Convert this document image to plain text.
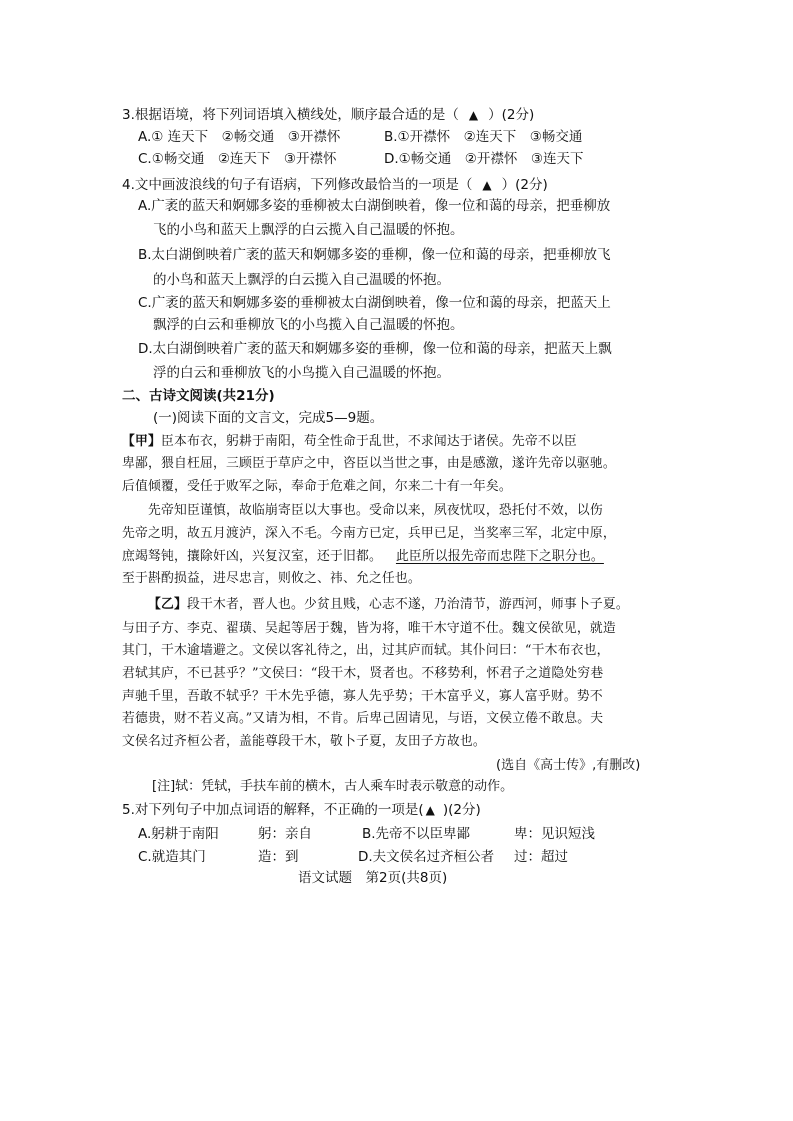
3.根据语境，将下列词语填入横线处，顺序最合适的是（ ▲ ）(2分)
A.① 连天下　②畅交通　③开襟怀	B.①开襟怀　②连天下　③畅交通
C.①畅交通　②连天下　③开襟怀	D.①畅交通　②开襟怀　③连天下
4.文中画波浪线的句子有语病，下列修改最恰当的一项是（ ▲ ）(2分)
A.广袤的蓝天和婀娜多姿的垂柳被太白湖倒映着，像一位和蔼的母亲，把垂柳放
飞的小鸟和蓝天上飘浮的白云揽入自己温暖的怀抱。
B.太白湖倒映着广袤的蓝天和婀娜多姿的垂柳，像一位和蔼的母亲，把垂柳放飞
的小鸟和蓝天上飘浮的白云揽入自己温暖的怀抱。
C.广袤的蓝天和婀娜多姿的垂柳被太白湖倒映着，像一位和蔼的母亲，把蓝天上
飘浮的白云和垂柳放飞的小鸟揽入自己温暖的怀抱。
D.太白湖倒映着广袤的蓝天和婀娜多姿的垂柳，像一位和蔼的母亲，把蓝天上飘
浮的白云和垂柳放飞的小鸟揽入自己温暖的怀抱。
二、古诗文阅读(共21分)
(一)阅读下面的文言文，完成5—9题。
【甲】臣本布衣，躬耕于南阳，苟全性命于乱世，不求闻达于诸侯。先帝不以臣
卑鄙，猥自枉屈，三顾臣于草庐之中，咨臣以当世之事，由是感激，遂许先帝以驱驰。
后值倾覆，受任于败军之际，奉命于危难之间，尔来二十有一年矣。
先帝知臣谨慎，故临崩寄臣以大事也。受命以来，夙夜忧叹，恐托付不效，以伤
先帝之明，故五月渡泸，深入不毛。今南方已定，兵甲已足，当奖率三军，北定中原，
庶竭驽钝，攘除奸凶，兴复汉室，还于旧都。 此臣所以报先帝而忠陛下之职分也。
至于斟酌损益，进尽忠言，则攸之、祎、允之任也。
【乙】段干木者，晋人也。少贫且贱，心志不遂，乃治清节，游西河，师事卜子夏。
与田子方、李克、翟璜、吴起等居于魏，皆为将，唯干木守道不仕。魏文侯欲见，就造
其门，干木逾墙避之。文侯以客礼待之，出，过其庐而轼。其仆问曰：“干木布衣也，
君轼其庐，不已甚乎？”文侯曰：“段干木，贤者也。不移势利，怀君子之道隐处穷巷
声驰千里，吾敢不轼乎？干木先乎德，寡人先乎势；干木富乎义，寡人富乎财。势不
若德贵，财不若义高。”又请为相，不肯。后卑己固请见，与语，文侯立倦不敢息。夫
文侯名过齐桓公者，盖能尊段干木，敬卜子夏，友田子方故也。
(选自《高士传》,有删改)
[注]轼：凭轼，手扶车前的横木，古人乘车时表示敬意的动作。
5.对下列句子中加点词语的解释，不正确的一项是( ▲ )(2分)
A.躬耕于南阳	躬：亲自	B.先帝不以臣卑鄙	卑：见识短浅
C.就造其门	造：到	D.夫文侯名过齐桓公者 过：超过
语文试题　第2页(共8页)
